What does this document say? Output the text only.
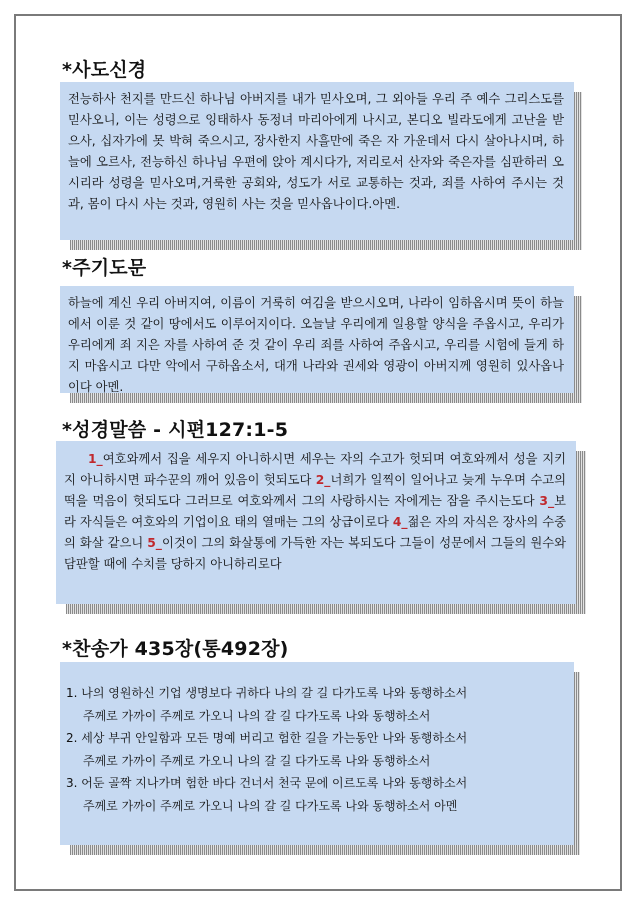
*사도신경
전능하사 천지를 만드신 하나님 아버지를 내가 믿사오며, 그 외아들 우리 주 예수 그리스도를 믿사오니, 이는 성령으로 잉태하사 동정녀 마리아에게 나시고, 본디오 빌라도에게 고난을 받으사, 십자가에 못 박혀 죽으시고, 장사한지 사흘만에 죽은 자 가운데서 다시 살아나시며, 하늘에 오르사, 전능하신 하나님 우편에 앉아 계시다가, 저리로서 산자와 죽은자를 심판하러 오시리라 성령을 믿사오며,거룩한 공회와, 성도가 서로 교통하는 것과, 죄를 사하여 주시는 것과, 몸이 다시 사는 것과, 영원히 사는 것을 믿사옵나이다.아멘.
*주기도문
하늘에 계신 우리 아버지여, 이름이 거룩히 여김을 받으시오며, 나라이 임하옵시며 뜻이 하늘에서 이룬 것 같이 땅에서도 이루어지이다. 오늘날 우리에게 일용할 양식을 주옵시고, 우리가 우리에게 죄 지은 자를 사하여 준 것 같이 우리 죄를 사하여 주옵시고, 우리를 시험에 들게 하지 마옵시고 다만 악에서 구하옵소서, 대개 나라와 권세와 영광이 아버지께 영원히 있사옵나이다 아멘.
*성경말씀 - 시편127:1-5
1_여호와께서 집을 세우지 아니하시면 세우는 자의 수고가 헛되며 여호와께서 성을 지키지 아니하시면 파수꾼의 깨어 있음이 헛되도다 2_너희가 일찍이 일어나고 늦게 누우며 수고의 떡을 먹음이 헛되도다 그러므로 여호와께서 그의 사랑하시는 자에게는 잠을 주시는도다 3_보라 자식들은 여호와의 기업이요 태의 열매는 그의 상급이로다 4_젊은 자의 자식은 장사의 수중의 화살 같으니 5_이것이 그의 화살통에 가득한 자는 복되도다 그들이 성문에서 그들의 원수와 담판할 때에 수치를 당하지 아니하리로다
*찬송가 435장(통492장)
1. 나의 영원하신 기업 생명보다 귀하다 나의 갈 길 다가도록 나와 동행하소서
주께로 가까이 주께로 가오니 나의 갈 길 다가도록 나와 동행하소서
2. 세상 부귀 안일함과 모든 명예 버리고 험한 길을 가는동안 나와 동행하소서
주께로 가까이 주께로 가오니 나의 갈 길 다가도록 나와 동행하소서
3. 어둔 골짝 지나가며 험한 바다 건너서 천국 문에 이르도록 나와 동행하소서
주께로 가까이 주께로 가오니 나의 갈 길 다가도록 나와 동행하소서 아멘
